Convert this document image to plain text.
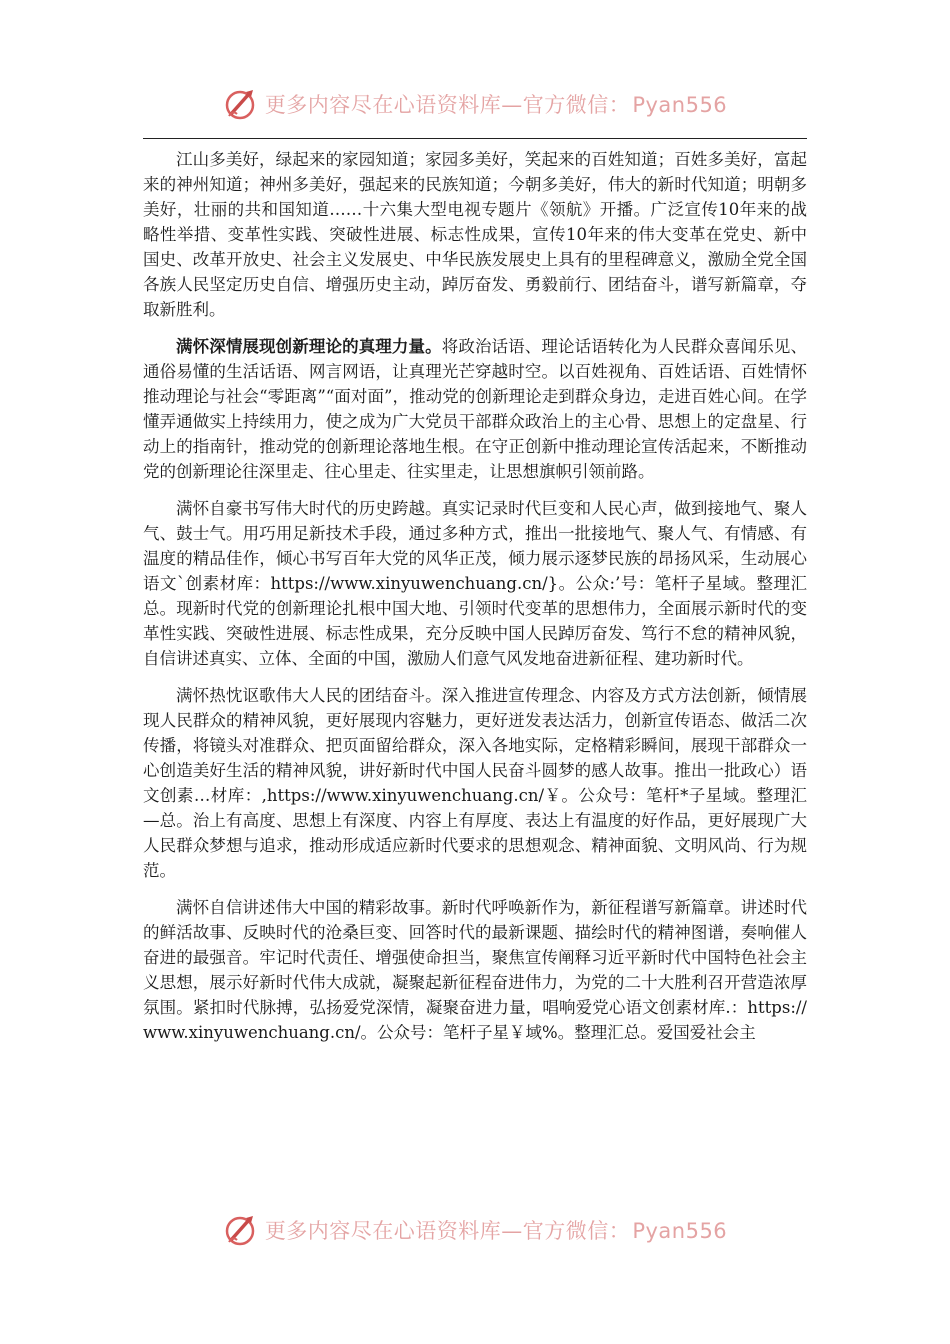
更多内容尽在心语资料库—官方微信：Pyan556

江山多美好，绿起来的家园知道；家园多美好，笑起来的百姓知道；百姓多美好，富起来的神州知道；神州多美好，强起来的民族知道；今朝多美好，伟大的新时代知道；明朝多美好，壮丽的共和国知道……十六集大型电视专题片《领航》开播。广泛宣传10年来的战略性举措、变革性实践、突破性进展、标志性成果，宣传10年来的伟大变革在党史、新中国史、改革开放史、社会主义发展史、中华民族发展史上具有的里程碑意义，激励全党全国各族人民坚定历史自信、增强历史主动，踔厉奋发、勇毅前行、团结奋斗，谱写新篇章，夺取新胜利。

满怀深情展现创新理论的真理力量。将政治话语、理论话语转化为人民群众喜闻乐见、通俗易懂的生活话语、网言网语，让真理光芒穿越时空。以百姓视角、百姓话语、百姓情怀推动理论与社会“零距离”“面对面”，推动党的创新理论走到群众身边，走进百姓心间。在学懂弄通做实上持续用力，使之成为广大党员干部群众政治上的主心骨、思想上的定盘星、行动上的指南针，推动党的创新理论落地生根。在守正创新中推动理论宣传活起来，不断推动党的创新理论往深里走、往心里走、往实里走，让思想旗帜引领前路。

满怀自豪书写伟大时代的历史跨越。真实记录时代巨变和人民心声，做到接地气、聚人气、鼓士气。用巧用足新技术手段，通过多种方式，推出一批接地气、聚人气、有情感、有温度的精品佳作，倾心书写百年大党的风华正茂，倾力展示逐梦民族的昂扬风采，生动展心语文`创素材库：https://www.xinyuwenchuang.cn/}。公众:’号：笔杆子星域。整理汇总。现新时代党的创新理论扎根中国大地、引领时代变革的思想伟力，全面展示新时代的变革性实践、突破性进展、标志性成果，充分反映中国人民踔厉奋发、笃行不怠的精神风貌，自信讲述真实、立体、全面的中国，激励人们意气风发地奋进新征程、建功新时代。

满怀热忱讴歌伟大人民的团结奋斗。深入推进宣传理念、内容及方式方法创新，倾情展现人民群众的精神风貌，更好展现内容魅力，更好迸发表达活力，创新宣传语态、做活二次传播，将镜头对准群众、把页面留给群众，深入各地实际，定格精彩瞬间，展现干部群众一心创造美好生活的精神风貌，讲好新时代中国人民奋斗圆梦的感人故事。推出一批政心）语文创素…材库：,https://www.xinyuwenchuang.cn/￥。公众号：笔杆*子星域。整理汇—总。治上有高度、思想上有深度、内容上有厚度、表达上有温度的好作品，更好展现广大人民群众梦想与追求，推动形成适应新时代要求的思想观念、精神面貌、文明风尚、行为规范。

满怀自信讲述伟大中国的精彩故事。新时代呼唤新作为，新征程谱写新篇章。讲述时代的鲜活故事、反映时代的沧桑巨变、回答时代的最新课题、描绘时代的精神图谱，奏响催人奋进的最强音。牢记时代责任、增强使命担当，聚焦宣传阐释习近平新时代中国特色社会主义思想，展示好新时代伟大成就，凝聚起新征程奋进伟力，为党的二十大胜利召开营造浓厚氛围。紧扣时代脉搏，弘扬爱党深情，凝聚奋进力量，唱响爱党心语文创素材库.：https://www.xinyuwenchuang.cn/。公众号：笔杆子星￥域%。整理汇总。爱国爱社会主

更多内容尽在心语资料库—官方微信：Pyan556
